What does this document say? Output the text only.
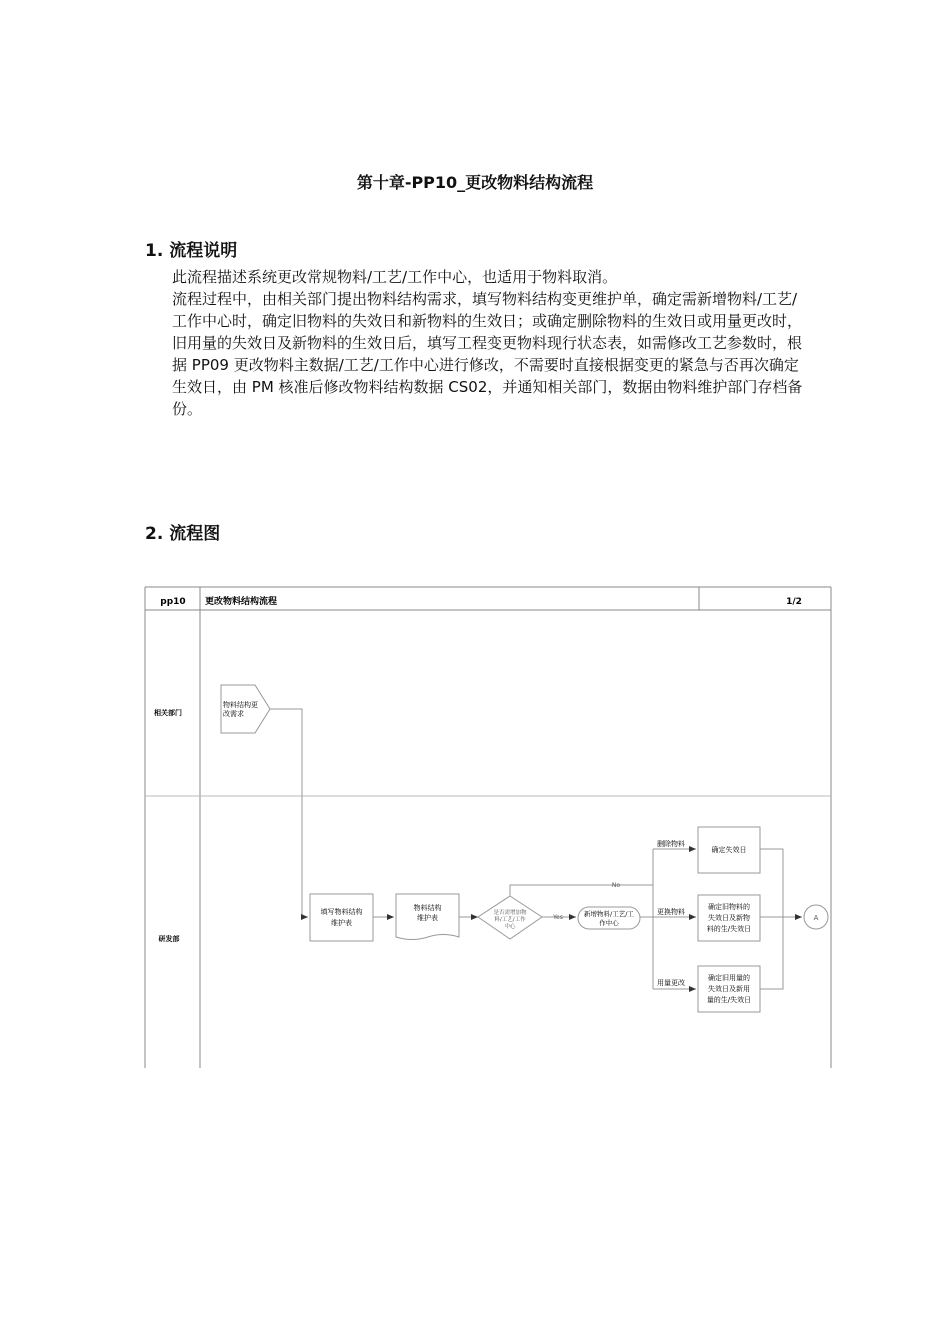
第十章-PP10_更改物料结构流程
1. 流程说明

此流程描述系统更改常规物料/工艺/工作中心，也适用于物料取消。

流程过程中，由相关部门提出物料结构需求，填写物料结构变更维护单，确定需新增物料/工艺/工作中心时，确定旧物料的失效日和新物料的生效日；或确定删除物料的生效日或用量更改时，旧用量的失效日及新物料的生效日后，填写工程变更物料现行状态表，如需修改工艺参数时，根据 PP09 更改物料主数据/工艺/工作中心进行修改，不需要时直接根据变更的紧急与否再次确定生效日，由 PM 核准后修改物料结构数据 CS02，并通知相关部门，数据由物料维护部门存档备份。

2. 流程图
pp10 更改物料结构流程	1/2
相关部门
研发部
物料结构更
改需求
填写物料结构
维护表
物料结构
维护表
是否需增加物
料/工艺/工作
中心
No
Yes
删除物料
更换物料
用量更改
新增物料/工艺/工
作中心
确定失效日
确定旧物料的
失效日及新物
料的生/失效日
确定旧用量的
失效日及新用
量的生/失效日
A
